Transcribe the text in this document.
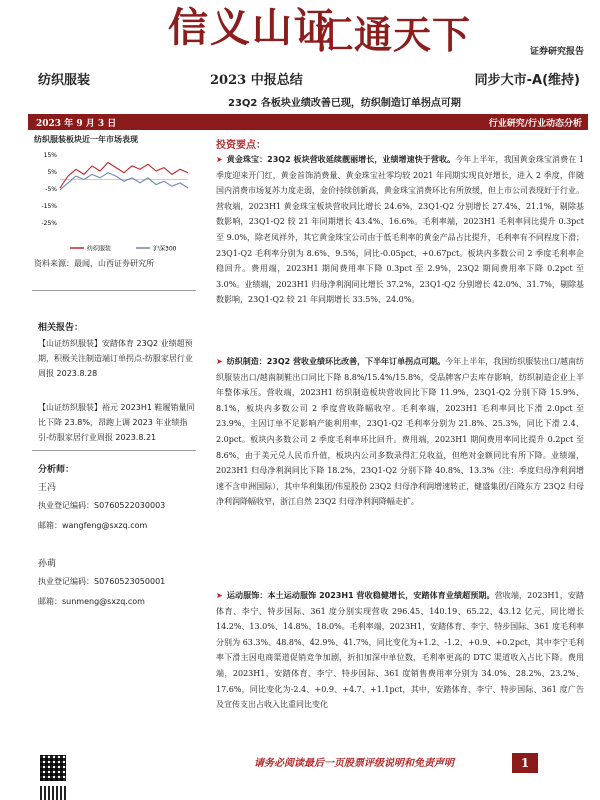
信义山证
汇通天下	证券研究报告
纺织服装	2023 中报总结	同步大市-A(维持)
23Q2 各板块业绩改善已现，纺织制造订单拐点可期
2023 年 9 月 3 日	行业研究/行业动态分析
纺织服装板块近一年市场表现
15%
5%
-5%
-15%
-25%
纺织服装	沪深300
资料来源：最闻，山西证券研究所
相关报告：
【山证纺织服装】安踏体育 23Q2 业绩超预期，积极关注制造端订单拐点-纺服家居行业周报 2023.8.28
【山证纺织服装】裕元 2023H1 鞋履销量同比下降 23.8%，昂跑上调 2023 年业绩指引-纺服家居行业周报 2023.8.21
分析师：
王冯
执业登记编码：S0760522030003
邮箱：wangfeng@sxzq.com
孙萌
执业登记编码：S0760523050001
邮箱：sunmeng@sxzq.com
投资要点：
➤ 黄金珠宝：23Q2 板块营收延续靓丽增长，业绩增速快于营收。今年上半年，我国黄金珠宝消费在 1 季度迎来开门红，黄金首饰消费量、黄金珠宝社零均较 2021 年同期实现良好增长，进入 2 季度，伴随国内消费市场复苏力度走弱，金价持续创新高，黄金珠宝消费环比有所放缓，但上市公司表现好于行业。营收端，2023H1 黄金珠宝板块营收同比增长 24.6%，23Q1-Q2 分别增长 27.4%、21.1%，剔除基数影响，23Q1-Q2 较 21 年同期增长 43.4%、16.6%。毛利率端，2023H1 毛利率同比提升 0.3pct 至 9.0%，除老凤祥外，其它黄金珠宝公司由于低毛利率的黄金产品占比提升，毛利率有不同程度下滑；23Q1-Q2 毛利率分别为 8.6%、9.5%，同比-0.05pct、+0.67pct。板块内多数公司 2 季度毛利率企稳回升。费用端，2023H1 期间费用率下降 0.3pct 至 2.9%，23Q2 期间费用率下降 0.2pct 至 3.0%。业绩端，2023H1 归母净利润同比增长 37.2%，23Q1-Q2 分别增长 42.0%、31.7%，剔除基数影响，23Q1-Q2 较 21 年同期增长 33.5%、24.0%。
➤ 纺织制造：23Q2 营收业绩环比改善，下半年订单拐点可期。今年上半年，我国纺织服装出口/越南纺织服装出口/越南制鞋出口同比下降 8.8%/15.4%/15.8%，受品牌客户去库存影响，纺织制造企业上半年整体承压。营收端，2023H1 纺织制造板块营收同比下降 11.9%，23Q1-Q2 分别下降 15.9%、8.1%，板块内多数公司 2 季度营收降幅收窄。毛利率端，2023H1 毛利率同比下滑 2.0pct 至 23.9%，主因订单不足影响产能利用率，23Q1-Q2 毛利率分别为 21.8%、25.3%，同比下滑 2.4、2.0pct。板块内多数公司 2 季度毛利率环比回升。费用端，2023H1 期间费用率同比提升 0.2pct 至 8.6%，由于美元兑人民币升值，板块内公司多数录得汇兑收益，但绝对金额同比有所下降。业绩端，2023H1 归母净利润同比下降 18.2%，23Q1-Q2 分别下降 40.8%、13.3%（注：季度归母净利润增速不含申洲国际），其中华利集团/伟星股份 23Q2 归母净利润增速转正，健盛集团/百隆东方 23Q2 归母净利润降幅收窄，浙江自然 23Q2 归母净利润降幅走扩。
➤ 运动服饰：本土运动服饰 2023H1 营收稳健增长，安踏体育业绩超预期。营收端，2023H1，安踏体育、李宁、特步国际、361 度分别实现营收 296.45、140.19、65.22、43.12 亿元，同比增长 14.2%、13.0%、14.8%、18.0%。毛利率端，2023H1，安踏体育、李宁、特步国际、361 度毛利率分别为 63.3%、48.8%、42.9%、41.7%，同比变化为+1.2、-1.2、+0.9、+0.2pct，其中李宁毛利率下滑主因电商渠道促销竞争加剧，折扣加深中单位数，毛利率更高的 DTC 渠道收入占比下降。费用端，2023H1，安踏体育、李宁、特步国际、361 度销售费用率分别为 34.0%、28.2%、23.2%、17.6%，同比变化为-2.4、+0.9、+4.7、+1.1pct，其中，安踏体育、李宁、特步国际、361 度广告及宣传支出占收入比重同比变化
请务必阅读最后一页股票评级说明和免责声明	1
